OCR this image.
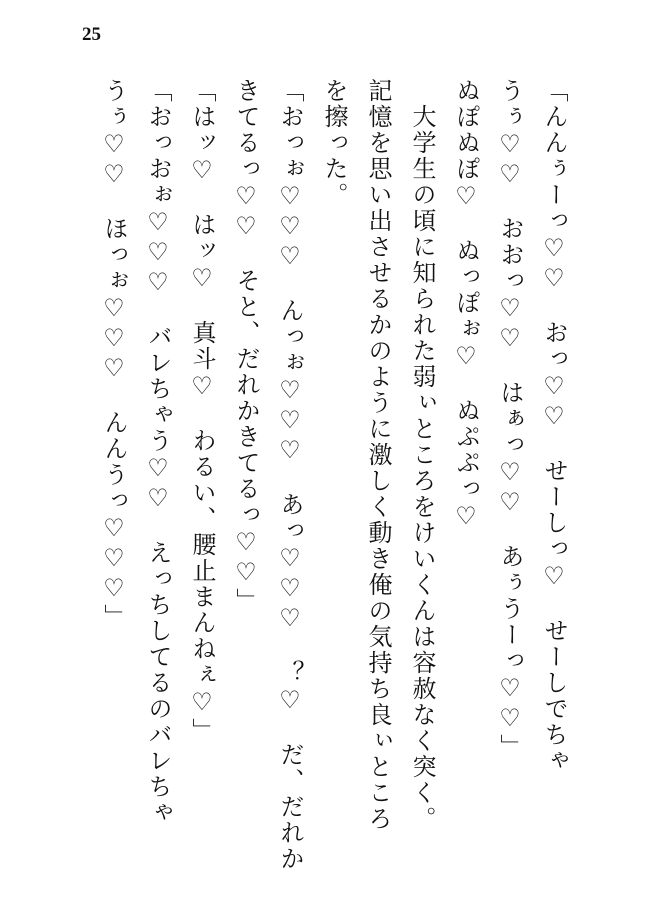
25
「んんぅーっ♡♡　おっ♡♡　せーしっ♡　せーしでちゃ
うぅ♡♡　おおっ♡♡　はぁっ♡♡　あぅうーっ♡♡」
ぬぽぬぽ♡　ぬっぽぉ♡　ぬぷぷっ♡
　大学生の頃に知られた弱ぃところをけいくんは容赦なく突く。
記憶を思い出させるかのように激しく動き俺の気持ち良ぃところ
を擦った。
「おっぉ♡♡♡　んっぉ♡♡♡　あっ♡♡♡　？♡　だ、だれか
きてるっ♡♡　そと、だれかきてるっ♡♡」
「はッ♡　はッ♡　真斗♡　わるい、腰止まんねぇ♡」
「おっおぉ♡♡♡　バレちゃう♡♡　えっちしてるのバレちゃ
うぅ♡♡　ほっぉ♡♡♡　んんうっ♡♡♡」
